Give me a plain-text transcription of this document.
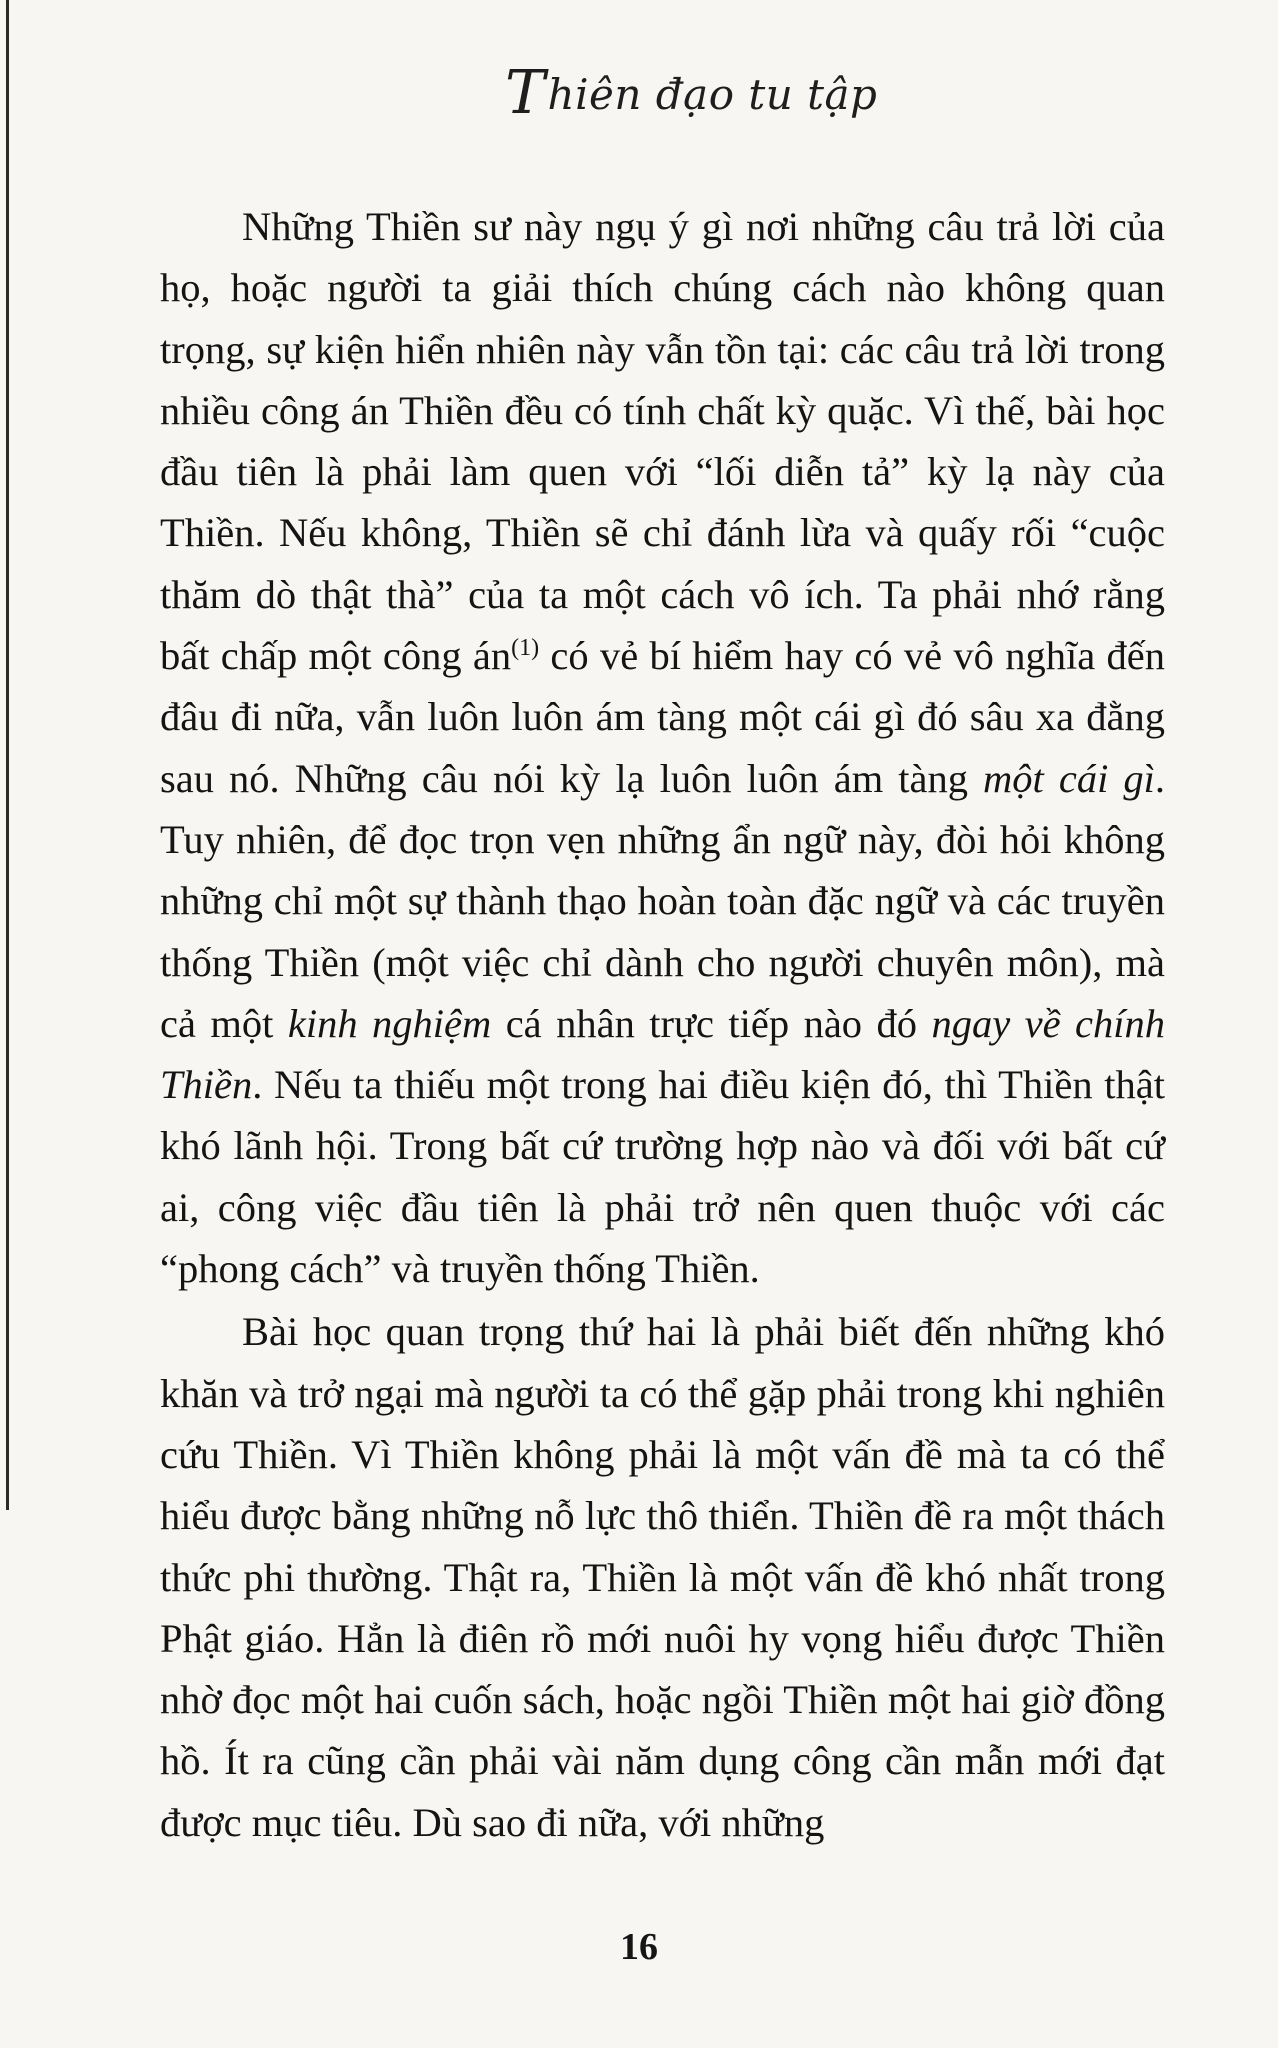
Thiên đạo tu tập

Những Thiền sư này ngụ ý gì nơi những câu trả lời của họ, hoặc người ta giải thích chúng cách nào không quan trọng, sự kiện hiển nhiên này vẫn tồn tại: các câu trả lời trong nhiều công án Thiền đều có tính chất kỳ quặc. Vì thế, bài học đầu tiên là phải làm quen với “lối diễn tả” kỳ lạ này của Thiền. Nếu không, Thiền sẽ chỉ đánh lừa và quấy rối “cuộc thăm dò thật thà” của ta một cách vô ích. Ta phải nhớ rằng bất chấp một công $án^{(1)}$ có vẻ bí hiểm hay có vẻ vô nghĩa đến đâu đi nữa, vẫn luôn luôn ám tàng một cái gì đó sâu xa đằng sau nó. Những câu nói kỳ lạ luôn luôn ám tàng một cái gì. Tuy nhiên, để đọc trọn vẹn những ẩn ngữ này, đòi hỏi không những chỉ một sự thành thạo hoàn toàn đặc ngữ và các truyền thống Thiền (một việc chỉ dành cho người chuyên môn), mà cả một kinh nghiệm cá nhân trực tiếp nào đó ngay về chính Thiền. Nếu ta thiếu một trong hai điều kiện đó, thì Thiền thật khó lãnh hội. Trong bất cứ trường hợp nào và đối với bất cứ ai, công việc đầu tiên là phải trở nên quen thuộc với các “phong cách” và truyền thống Thiền.

Bài học quan trọng thứ hai là phải biết đến những khó khăn và trở ngại mà người ta có thể gặp phải trong khi nghiên cứu Thiền. Vì Thiền không phải là một vấn đề mà ta có thể hiểu được bằng những nỗ lực thô thiển. Thiền đề ra một thách thức phi thường. Thật ra, Thiền là một vấn đề khó nhất trong Phật giáo. Hẳn là điên rồ mới nuôi hy vọng hiểu được Thiền nhờ đọc một hai cuốn sách, hoặc ngồi Thiền một hai giờ đồng hồ. Ít ra cũng cần phải vài năm dụng công cần mẫn mới đạt được mục tiêu. Dù sao đi nữa, với những

16
